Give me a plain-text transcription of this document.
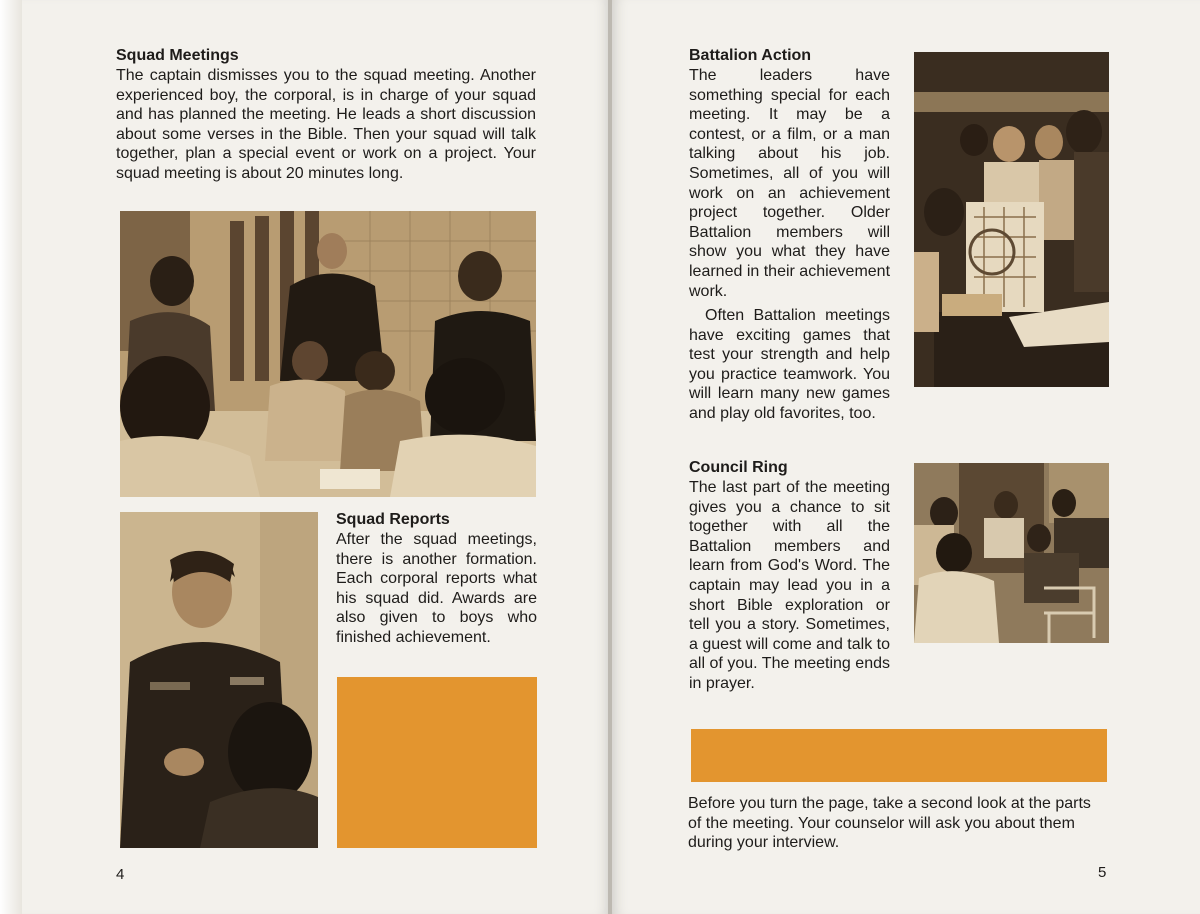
Squad Meetings

The captain dismisses you to the squad meeting. Another experienced boy, the corporal, is in charge of your squad and has planned the meeting. He leads a short discussion about some verses in the Bible. Then your squad will talk together, plan a special event or work on a project. Your squad meeting is about 20 minutes long.

Squad Reports

After the squad meetings, there is another formation. Each corporal reports what his squad did. Awards are also given to boys who finished achievement.

4
Battalion Action

The leaders have something special for each meeting. It may be a contest, or a film, or a man talking about his job. Sometimes, all of you will work on an achievement project together. Older Battalion members will show you what they have learned in their achievement work.

Often Battalion meetings have exciting games that test your strength and help you practice teamwork. You will learn many new games and play old favorites, too.

Council Ring

The last part of the meeting gives you a chance to sit together with all the Battalion members and learn from God's Word. The captain may lead you in a short Bible exploration or tell you a story. Sometimes, a guest will come and talk to all of you. The meeting ends in prayer.

Before you turn the page, take a second look at the parts of the meeting. Your counselor will ask you about them during your interview.

5
